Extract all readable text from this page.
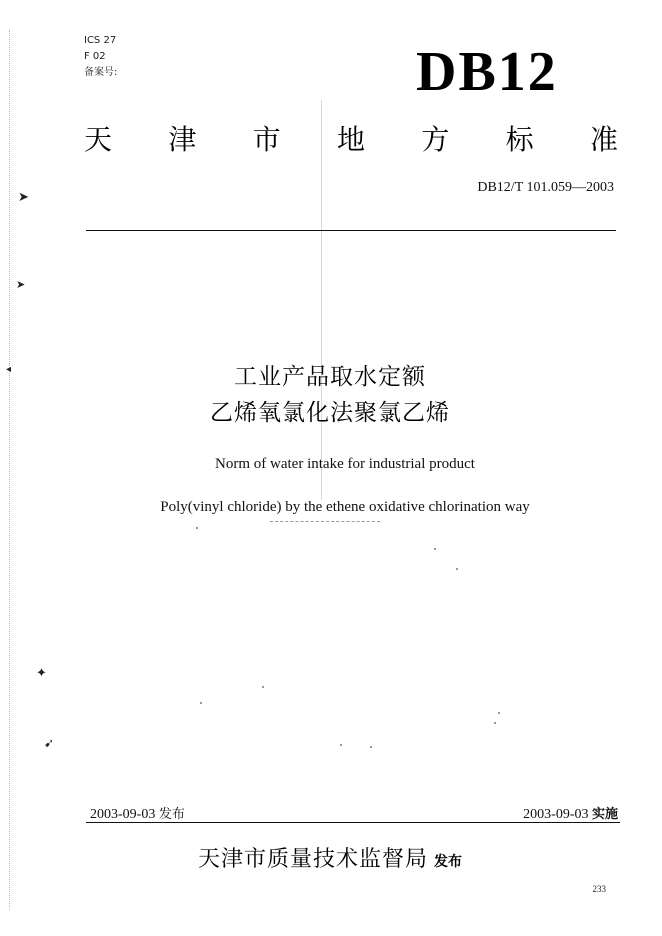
➤
➤
◂
✦
➹
ICS 27
F 02
备案号:	DB12
天 津 市 地 方 标 准
DB12/T 101.059—2003
工业产品取水定额
乙烯氧氯化法聚氯乙烯
Norm of water intake for industrial product
Poly(vinyl chloride) by the ethene oxidative chlorination way
2003-09-03 发布	2003-09-03 实施
天津市质量技术监督局 发布
233
